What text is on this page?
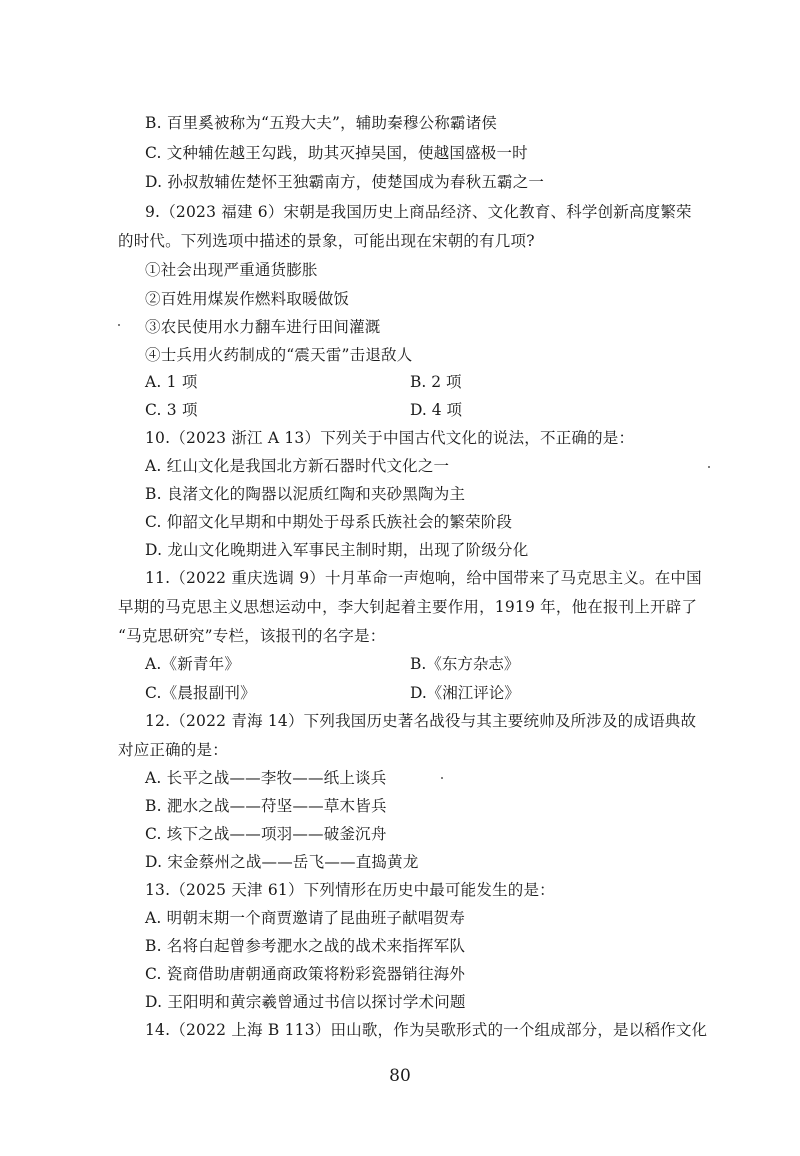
B. 百里奚被称为“五羖大夫”，辅助秦穆公称霸诸侯
C. 文种辅佐越王勾践，助其灭掉吴国，使越国盛极一时
D. 孙叔敖辅佐楚怀王独霸南方，使楚国成为春秋五霸之一
9.（2023 福建 6）宋朝是我国历史上商品经济、文化教育、科学创新高度繁荣
的时代。下列选项中描述的景象，可能出现在宋朝的有几项?
①社会出现严重通货膨胀
②百姓用煤炭作燃料取暖做饭
③农民使用水力翻车进行田间灌溉
④士兵用火药制成的“震天雷”击退敌人
A. 1 项	B. 2 项
C. 3 项	D. 4 项
10.（2023 浙江 A 13）下列关于中国古代文化的说法，不正确的是：
A. 红山文化是我国北方新石器时代文化之一
B. 良渚文化的陶器以泥质红陶和夹砂黑陶为主
C. 仰韶文化早期和中期处于母系氏族社会的繁荣阶段
D. 龙山文化晚期进入军事民主制时期，出现了阶级分化
11.（2022 重庆选调 9）十月革命一声炮响，给中国带来了马克思主义。在中国
早期的马克思主义思想运动中，李大钊起着主要作用，1919 年，他在报刊上开辟了
“马克思研究”专栏，该报刊的名字是：
A.《新青年》	B.《东方杂志》
C.《晨报副刊》	D.《湘江评论》
12.（2022 青海 14）下列我国历史著名战役与其主要统帅及所涉及的成语典故
对应正确的是：
A. 长平之战——李牧——纸上谈兵
B. 淝水之战——苻坚——草木皆兵
C. 垓下之战——项羽——破釜沉舟
D. 宋金蔡州之战——岳飞——直捣黄龙
13.（2025 天津 61）下列情形在历史中最可能发生的是：
A. 明朝末期一个商贾邀请了昆曲班子献唱贺寿
B. 名将白起曾参考淝水之战的战术来指挥军队
C. 瓷商借助唐朝通商政策将粉彩瓷器销往海外
D. 王阳明和黄宗羲曾通过书信以探讨学术问题
14.（2022 上海 B 113）田山歌，作为吴歌形式的一个组成部分，是以稻作文化
80
